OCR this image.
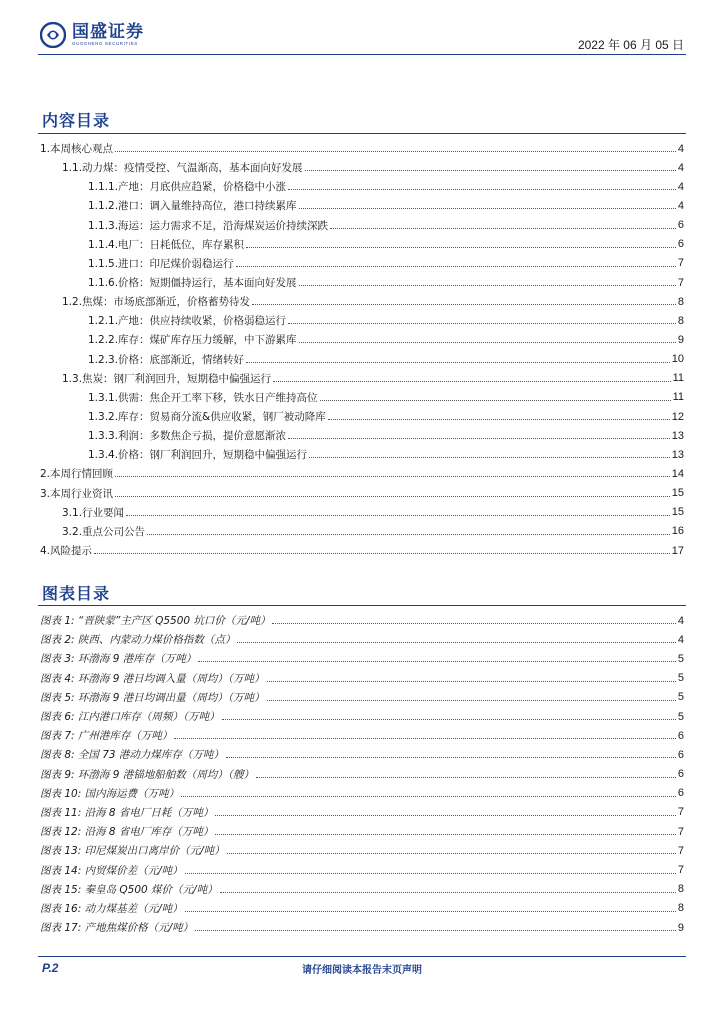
国盛证券
GUOSHENG SECURITIES	2022 年 06 月 05 日
内容目录
1.本周核心观点	4
1.1.动力煤：疫情受控、气温渐高，基本面向好发展	4
1.1.1.产地：月底供应趋紧，价格稳中小涨	4
1.1.2.港口：调入量维持高位，港口持续累库	4
1.1.3.海运：运力需求不足，沿海煤炭运价持续深跌	6
1.1.4.电厂：日耗低位，库存累积	6
1.1.5.进口：印尼煤价弱稳运行	7
1.1.6.价格：短期僵持运行，基本面向好发展	7
1.2.焦煤：市场底部渐近，价格蓄势待发	8
1.2.1.产地：供应持续收紧，价格弱稳运行	8
1.2.2.库存：煤矿库存压力缓解，中下游累库	9
1.2.3.价格：底部渐近，情绪转好	10
1.3.焦炭：钢厂利润回升，短期稳中偏强运行	11
1.3.1.供需：焦企开工率下移，铁水日产维持高位	11
1.3.2.库存：贸易商分流&供应收紧，钢厂被动降库	12
1.3.3.利润：多数焦企亏损，提价意愿渐浓	13
1.3.4.价格：钢厂利润回升，短期稳中偏强运行	13
2.本周行情回顾	14
3.本周行业资讯	15
3.1.行业要闻	15
3.2.重点公司公告	16
4.风险提示	17
图表目录
图表 1: “晋陕蒙”主产区 Q5500 坑口价（元/吨）	4
图表 2: 陕西、内蒙动力煤价格指数（点）	4
图表 3: 环渤海 9 港库存（万吨）	5
图表 4: 环渤海 9 港日均调入量（周均）（万吨）	5
图表 5: 环渤海 9 港日均调出量（周均）（万吨）	5
图表 6: 江内港口库存（周频）（万吨）	5
图表 7: 广州港库存（万吨）	6
图表 8: 全国 73 港动力煤库存（万吨）	6
图表 9: 环渤海 9 港锚地船舶数（周均）（艘）	6
图表 10: 国内海运费（万吨）	6
图表 11: 沿海 8 省电厂日耗（万吨）	7
图表 12: 沿海 8 省电厂库存（万吨）	7
图表 13: 印尼煤炭出口离岸价（元/吨）	7
图表 14: 内贸煤价差（元/吨）	7
图表 15: 秦皇岛 Q500 煤价（元/吨）	8
图表 16: 动力煤基差（元/吨）	8
图表 17: 产地焦煤价格（元/吨）	9
P.2	请仔细阅读本报告末页声明
